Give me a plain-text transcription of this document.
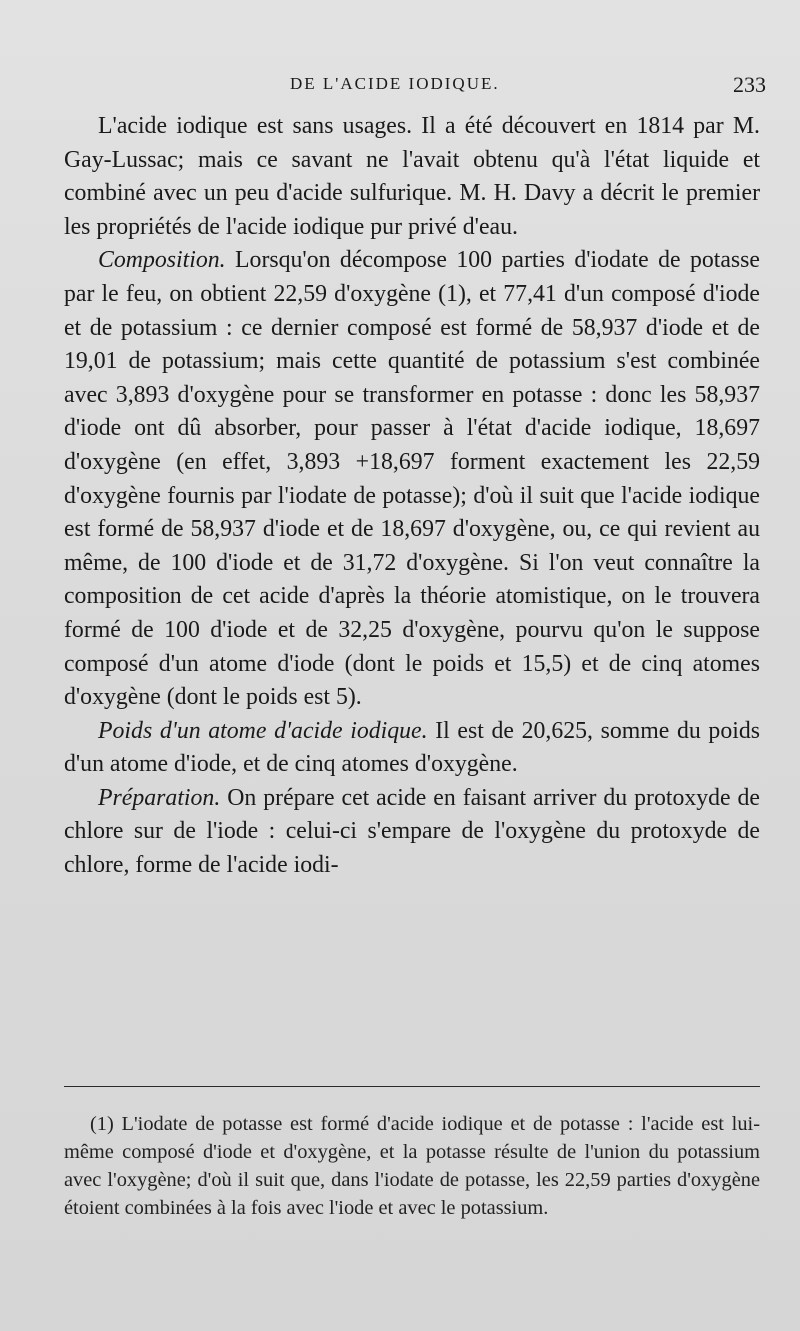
DE L'ACIDE IODIQUE.	233

L'acide iodique est sans usages. Il a été découvert en 1814 par M. Gay-Lussac; mais ce savant ne l'avait obtenu qu'à l'état liquide et combiné avec un peu d'acide sulfurique. M. H. Davy a décrit le premier les propriétés de l'acide iodique pur privé d'eau.

Composition. Lorsqu'on décompose 100 parties d'iodate de potasse par le feu, on obtient 22,59 d'oxygène (1), et 77,41 d'un composé d'iode et de potassium : ce dernier composé est formé de 58,937 d'iode et de 19,01 de potassium; mais cette quantité de potassium s'est combinée avec 3,893 d'oxygène pour se transformer en potasse : donc les 58,937 d'iode ont dû absorber, pour passer à l'état d'acide iodique, 18,697 d'oxygène (en effet, 3,893 +18,697 forment exactement les 22,59 d'oxygène fournis par l'iodate de potasse); d'où il suit que l'acide iodique est formé de 58,937 d'iode et de 18,697 d'oxygène, ou, ce qui revient au même, de 100 d'iode et de 31,72 d'oxygène. Si l'on veut connaître la composition de cet acide d'après la théorie atomistique, on le trouvera formé de 100 d'iode et de 32,25 d'oxygène, pourvu qu'on le suppose composé d'un atome d'iode (dont le poids et 15,5) et de cinq atomes d'oxygène (dont le poids est 5).

Poids d'un atome d'acide iodique. Il est de 20,625, somme du poids d'un atome d'iode, et de cinq atomes d'oxygène.

Préparation. On prépare cet acide en faisant arriver du protoxyde de chlore sur de l'iode : celui-ci s'empare de l'oxygène du protoxyde de chlore, forme de l'acide iodi-

(1) L'iodate de potasse est formé d'acide iodique et de potasse : l'acide est lui-même composé d'iode et d'oxygène, et la potasse résulte de l'union du potassium avec l'oxygène; d'où il suit que, dans l'iodate de potasse, les 22,59 parties d'oxygène étoient combinées à la fois avec l'iode et avec le potassium.
